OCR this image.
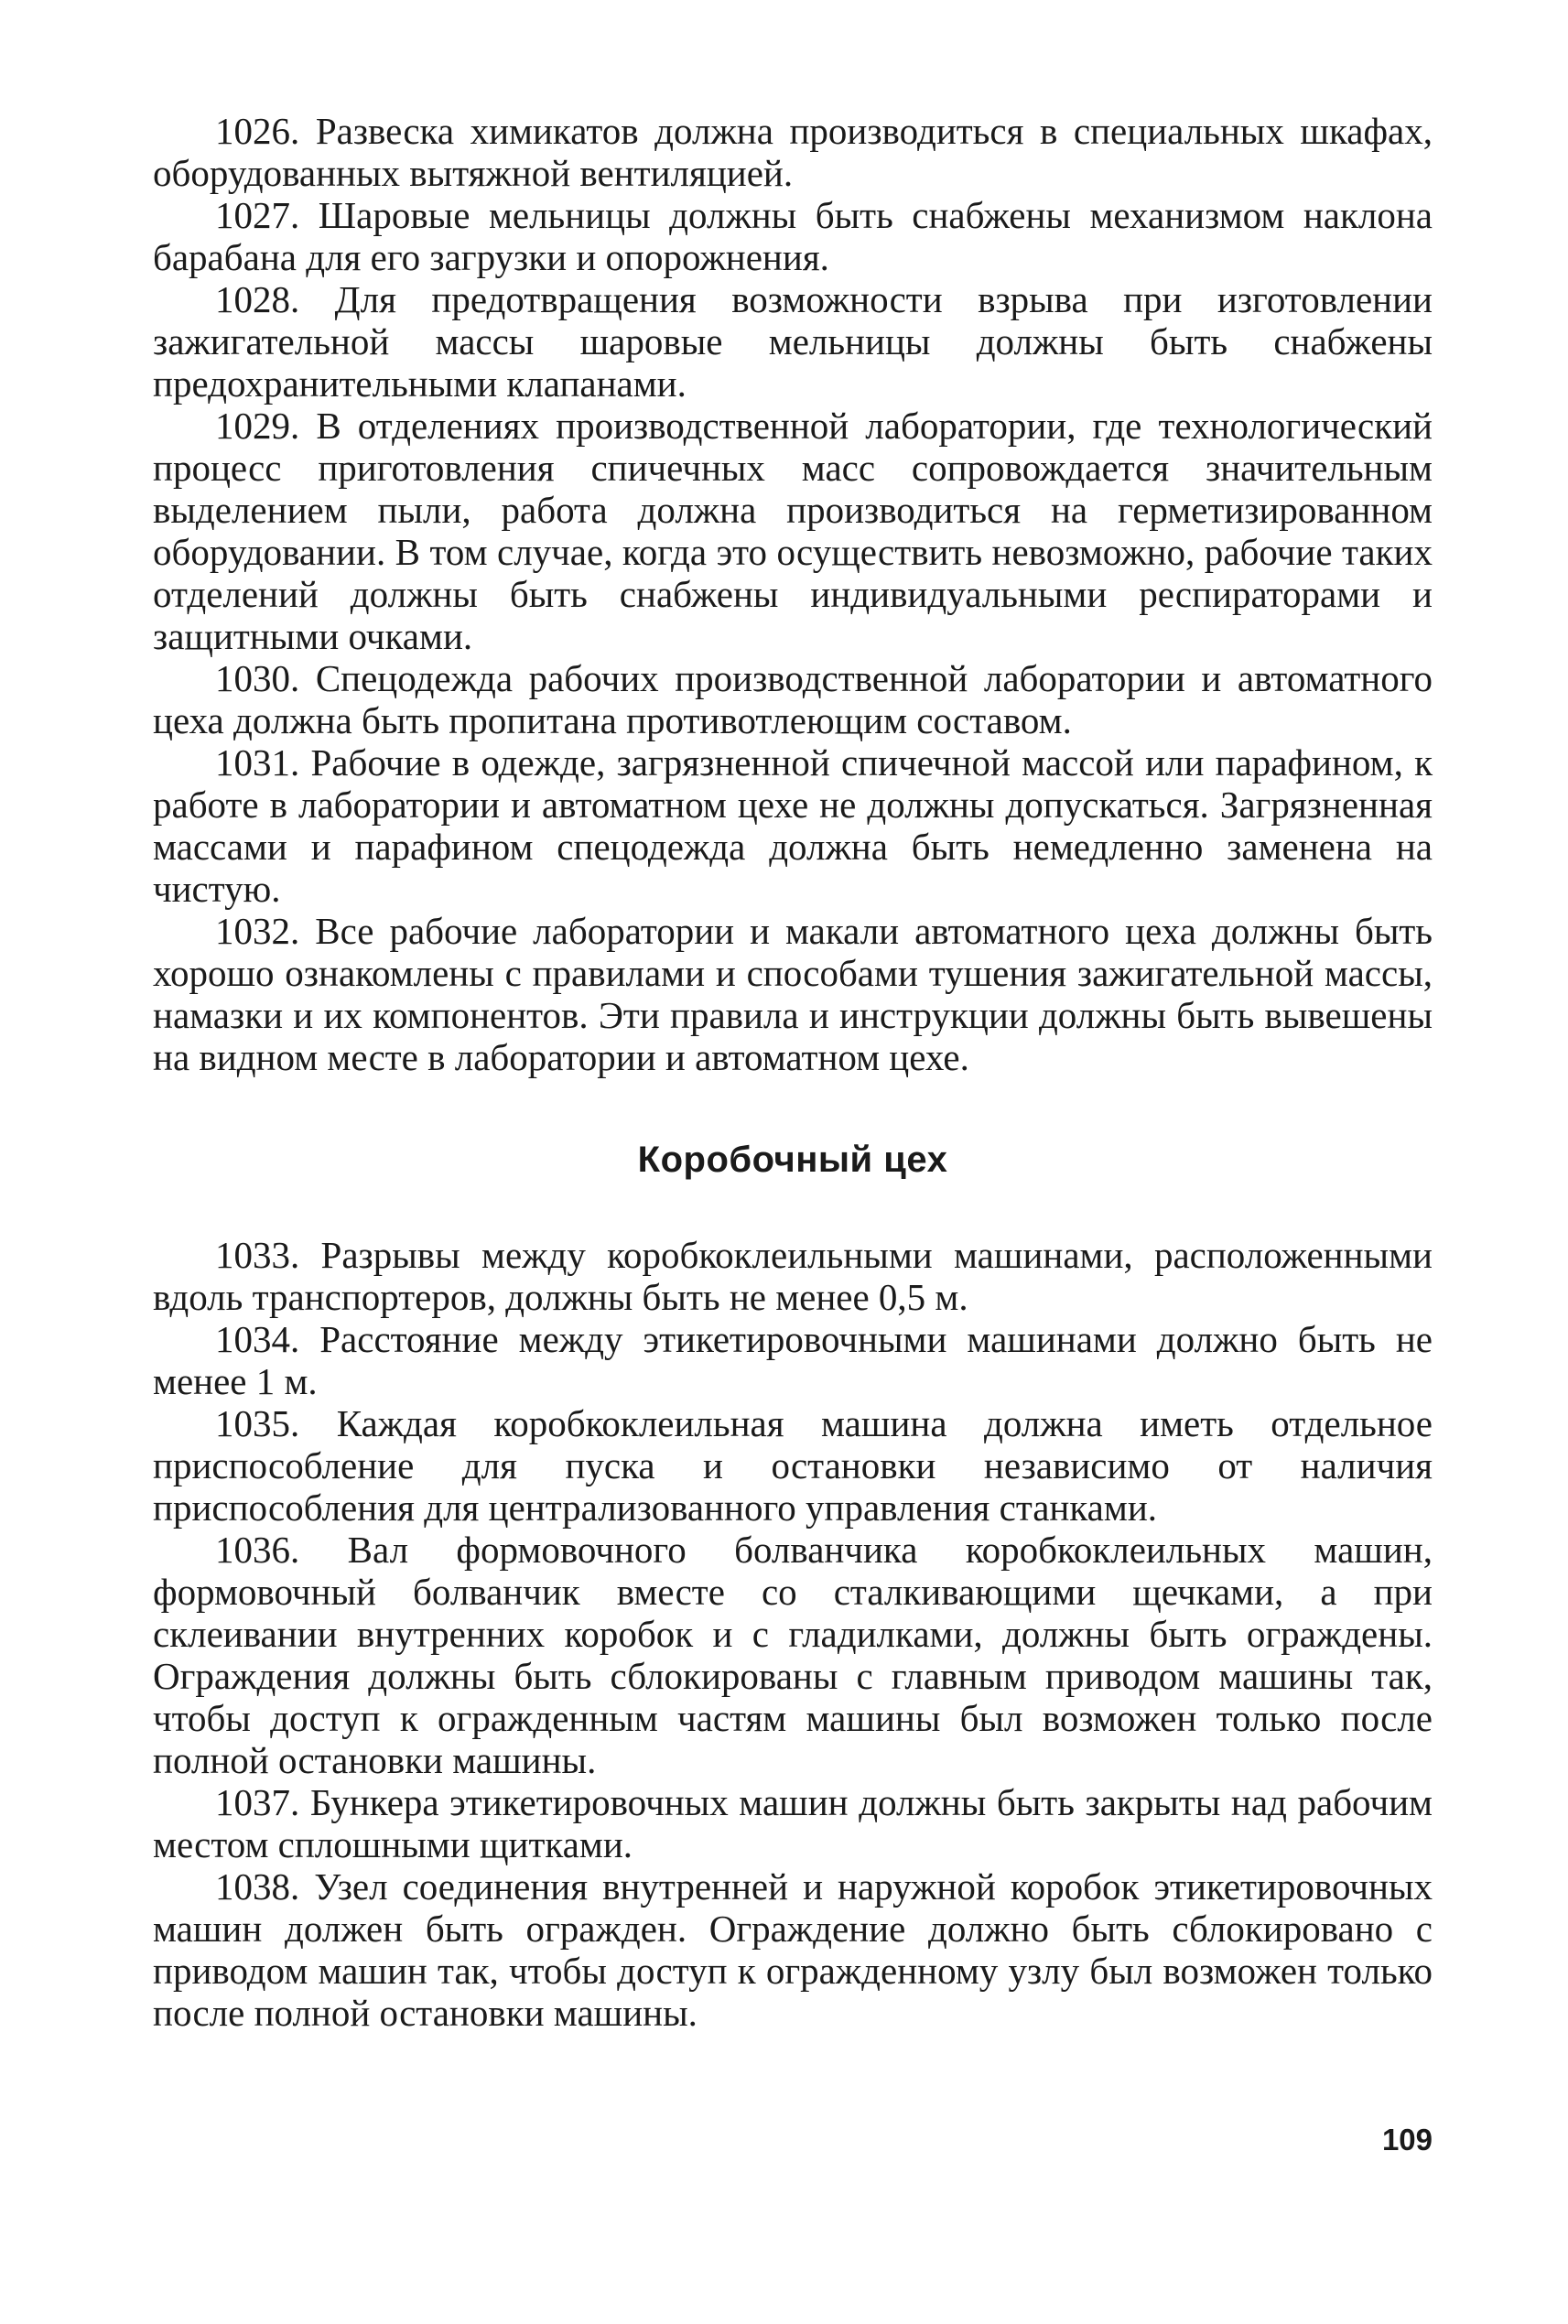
1026. Развеска химикатов должна производиться в специальных шкафах, оборудованных вытяжной вентиляцией.

1027. Шаровые мельницы должны быть снабжены механизмом наклона барабана для его загрузки и опорожнения.

1028. Для предотвращения возможности взрыва при изготовлении зажигательной массы шаровые мельницы должны быть снабжены предохранительными клапанами.

1029. В отделениях производственной лаборатории, где технологический процесс приготовления спичечных масс сопровождается значительным выделением пыли, работа должна производиться на герметизированном оборудовании. В том случае, когда это осуществить невозможно, рабочие таких отделений должны быть снабжены индивидуальными респираторами и защитными очками.

1030. Спецодежда рабочих производственной лаборатории и автоматного цеха должна быть пропитана противотлеющим составом.

1031. Рабочие в одежде, загрязненной спичечной массой или парафином, к работе в лаборатории и автоматном цехе не должны допускаться. Загрязненная массами и парафином спецодежда должна быть немедленно заменена на чистую.

1032. Все рабочие лаборатории и макали автоматного цеха должны быть хорошо ознакомлены с правилами и способами тушения зажигательной массы, намазки и их компонентов. Эти правила и инструкции должны быть вывешены на видном месте в лаборатории и автоматном цехе.

Коробочный цех

1033. Разрывы между коробкоклеильными машинами, расположенными вдоль транспортеров, должны быть не менее 0,5 м.

1034. Расстояние между этикетировочными машинами должно быть не менее 1 м.

1035. Каждая коробкоклеильная машина должна иметь отдельное приспособление для пуска и остановки независимо от наличия приспособления для централизованного управления станками.

1036. Вал формовочного болванчика коробкоклеильных машин, формовочный болванчик вместе со сталкивающими щечками, а при склеивании внутренних коробок и с гладилками, должны быть ограждены. Ограждения должны быть сблокированы с главным приводом машины так, чтобы доступ к огражденным частям машины был возможен только после полной остановки машины.

1037. Бункера этикетировочных машин должны быть закрыты над рабочим местом сплошными щитками.

1038. Узел соединения внутренней и наружной коробок этикетировочных машин должен быть огражден. Ограждение должно быть сблокировано с приводом машин так, чтобы доступ к огражденному узлу был возможен только после полной остановки машины.

109
